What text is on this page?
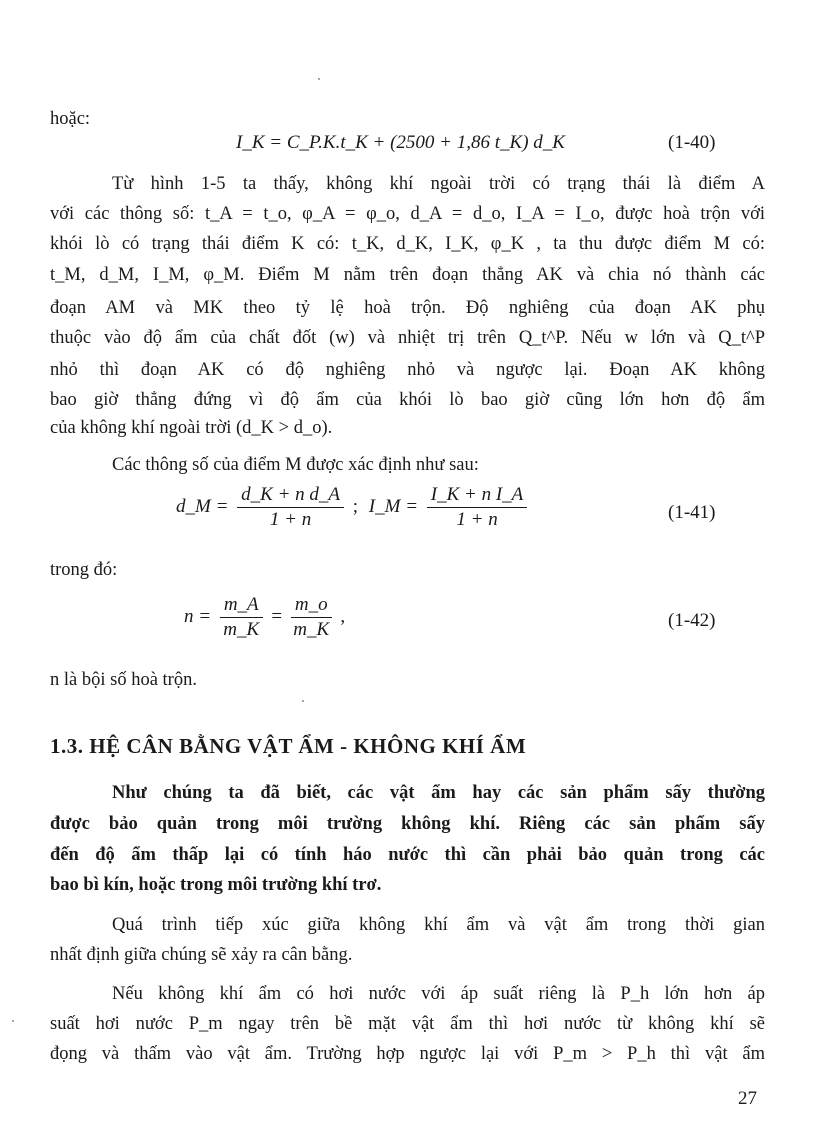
hoặc:
I_K = C_P.K.t_K + (2500 + 1,86 t_K) d_K	(1-40)
Từ hình 1-5 ta thấy, không khí ngoài trời có trạng thái là điểm A
với các thông số: t_A = t_o, φ_A = φ_o, d_A = d_o, I_A = I_o, được hoà trộn với
khói lò có trạng thái điểm K có: t_K, d_K, I_K, φ_K , ta thu được điểm M có:
t_M, d_M, I_M, φ_M. Điểm M nằm trên đoạn thẳng AK và chia nó thành các
đoạn AM và MK theo tỷ lệ hoà trộn. Độ nghiêng của đoạn AK phụ
thuộc vào độ ẩm của chất đốt (w) và nhiệt trị trên Q_t^P. Nếu w lớn và Q_t^P
nhỏ thì đoạn AK có độ nghiêng nhỏ và ngược lại. Đoạn AK không
bao giờ thẳng đứng vì độ ẩm của khói lò bao giờ cũng lớn hơn độ ẩm
của không khí ngoài trời (d_K > d_o).
Các thông số của điểm M được xác định như sau:
d_M = $\frac{\text{d\_K + n d\_A}}{1 + n}$ ; I_M = $\frac{\text{I\_K + n I\_A}}{1 + n}$	(1-41)
trong đó:
$n = \frac{m\_A}{m\_K} = \frac{m\_o}{m\_K}$ ,	(1-42)
n là bội số hoà trộn.
1.3. HỆ CÂN BẰNG VẬT ẨM - KHÔNG KHÍ ẨM
Như chúng ta đã biết, các vật ẩm hay các sản phẩm sấy thường
được bảo quản trong môi trường không khí. Riêng các sản phẩm sấy
đến độ ẩm thấp lại có tính háo nước thì cần phải bảo quản trong các
bao bì kín, hoặc trong môi trường khí trơ.
Quá trình tiếp xúc giữa không khí ẩm và vật ẩm trong thời gian
nhất định giữa chúng sẽ xảy ra cân bằng.
Nếu không khí ẩm có hơi nước với áp suất riêng là P_h lớn hơn áp
suất hơi nước P_m ngay trên bề mặt vật ẩm thì hơi nước từ không khí sẽ
đọng và thấm vào vật ẩm. Trường hợp ngược lại với P_m > P_h thì vật ẩm
27
